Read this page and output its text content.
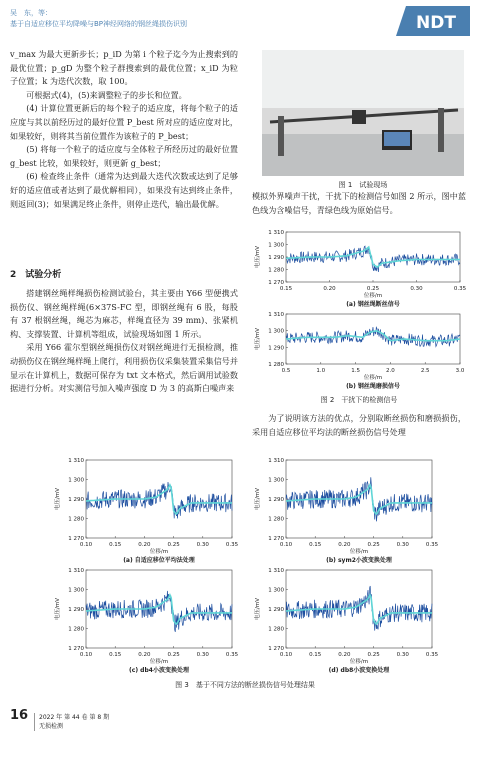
吴　东，等：
基于自适应移位平均降噪与BP神经网络的钢丝绳损伤识别	NDT

v_max 为最大更新步长；p_iD 为第 i 个粒子迄今为止搜索到的最优位置；p_gD 为整个粒子群搜索到的最优位置；x_iD 为粒子位置；k 为迭代次数，取 100。

可根据式(4)，(5)来调整粒子的步长和位置。

(4) 计算位置更新后的每个粒子的适应度，将每个粒子的适应度与其以前经历过的最好位置 P_best 所对应的适应度对比，如果较好，则将其当前位置作为该粒子的 P_best；

(5) 将每一个粒子的适应度与全体粒子所经历过的最好位置 g_best 比较，如果较好，则更新 g_best；

(6) 检查终止条件（通常为达到最大迭代次数或达到了足够好的适应值或者达到了最优解相同），如果没有达到终止条件，则返回(3)；如果满足终止条件，则停止迭代，输出最优解。

2　试验分析

搭建钢丝绳样绳损伤检测试验台，其主要由 Y66 型便携式损伤仪、钢丝绳样绳(6×37S-FC 型，即钢丝绳有 6 股，每股有 37 根钢丝绳，绳芯为麻芯，样绳直径为 39 mm)、张紧机构、支撑装置、计算机等组成，试验现场如图 1 所示。

采用 Y66 霍尔型钢丝绳损伤仪对钢丝绳进行无损检测，推动损伤仪在钢丝绳样绳上爬行，利用损伤仪采集装置采集信号并显示在计算机上，数据可保存为 txt 文本格式，然后调用试验数据进行分析。对实测信号加入噪声强度 D 为 3 的高斯白噪声来

图 1　试验现场

模拟外界噪声干扰，干扰下的检测信号如图 2 所示，图中蓝色线为含噪信号，青绿色线为原始信号。

0.15	0.20	0.25	0.30	0.35
1 270
1 280
1 290
1 300
1 310
位移/m
电压/mV
(a) 钢丝绳断丝信号
0.5	1.0	1.5	2.0	2.5	3.0
1 280
1 290
1 300
1 310
位移/m
电压/mV
(b) 钢丝绳磨损信号
图 2　干扰下的检测信号

为了说明该方法的优点，分别取断丝损伤和磨损损伤，采用自适应移位平均法的断丝损伤信号处理

0.10	0.15	0.20	0.25	0.30	0.35
1 270
1 280
1 290
1 300
1 310
位移/m
电压/mV
(a) 自适应移位平均法处理
0.10	0.15	0.20	0.25	0.30	0.35
1 270
1 280
1 290
1 300
1 310
位移/m
电压/mV
(b) sym2小波变换处理
0.10	0.15	0.20	0.25	0.30	0.35
1 270
1 280
1 290
1 300
1 310
位移/m
电压/mV
(c) db4小波变换处理
0.10	0.15	0.20	0.25	0.30	0.35
1 270
1 280
1 290
1 300
1 310
位移/m
电压/mV
(d) db8小波变换处理
图 3　基于不同方法的断丝损伤信号处理结果
16 2022 年 第 44 卷 第 8 期
无损检测
